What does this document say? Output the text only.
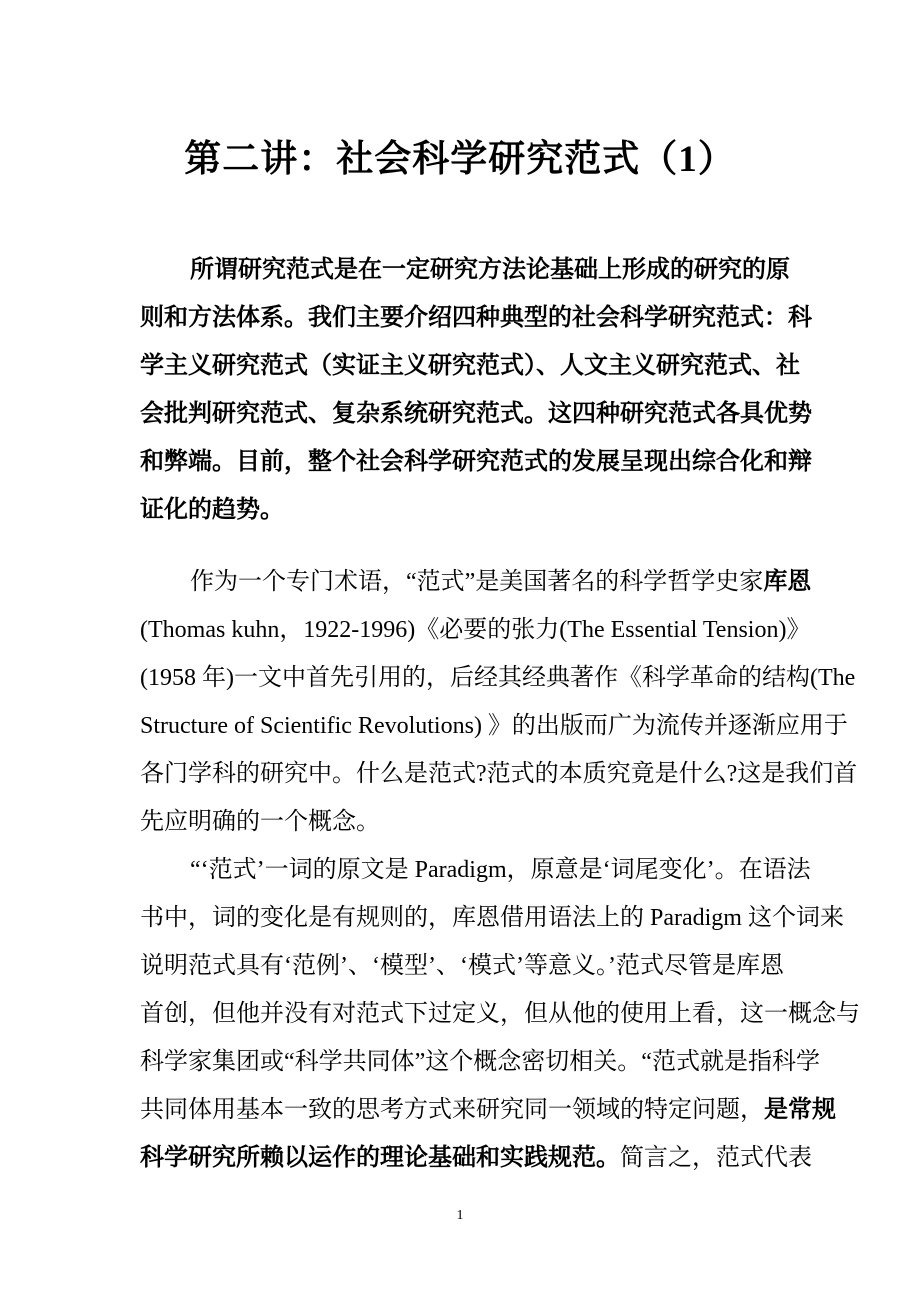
第二讲：社会科学研究范式（1）
所谓研究范式是在一定研究方法论基础上形成的研究的原
则和方法体系。我们主要介绍四种典型的社会科学研究范式：科
学主义研究范式（实证主义研究范式）、人文主义研究范式、社
会批判研究范式、复杂系统研究范式。这四种研究范式各具优势
和弊端。目前，整个社会科学研究范式的发展呈现出综合化和辩
证化的趋势。
作为一个专门术语，“范式”是美国著名的科学哲学史家库恩
(Thomas kuhn，1922-1996)《必要的张力(The Essential Tension)》
(1958 年)一文中首先引用的，后经其经典著作《科学革命的结构(The
Structure of Scientific Revolutions) 》的出版而广为流传并逐渐应用于
各门学科的研究中。什么是范式?范式的本质究竟是什么?这是我们首
先应明确的一个概念。
“‘范式’一词的原文是 Paradigm，原意是‘词尾变化’。在语法
书中，词的变化是有规则的，库恩借用语法上的 Paradigm 这个词来
说明范式具有‘范例’、‘模型’、‘模式’等意义。’范式尽管是库恩
首创，但他并没有对范式下过定义，但从他的使用上看，这一概念与
科学家集团或“科学共同体”这个概念密切相关。“范式就是指科学
共同体用基本一致的思考方式来研究同一领域的特定问题，是常规
科学研究所赖以运作的理论基础和实践规范。简言之，范式代表
1
